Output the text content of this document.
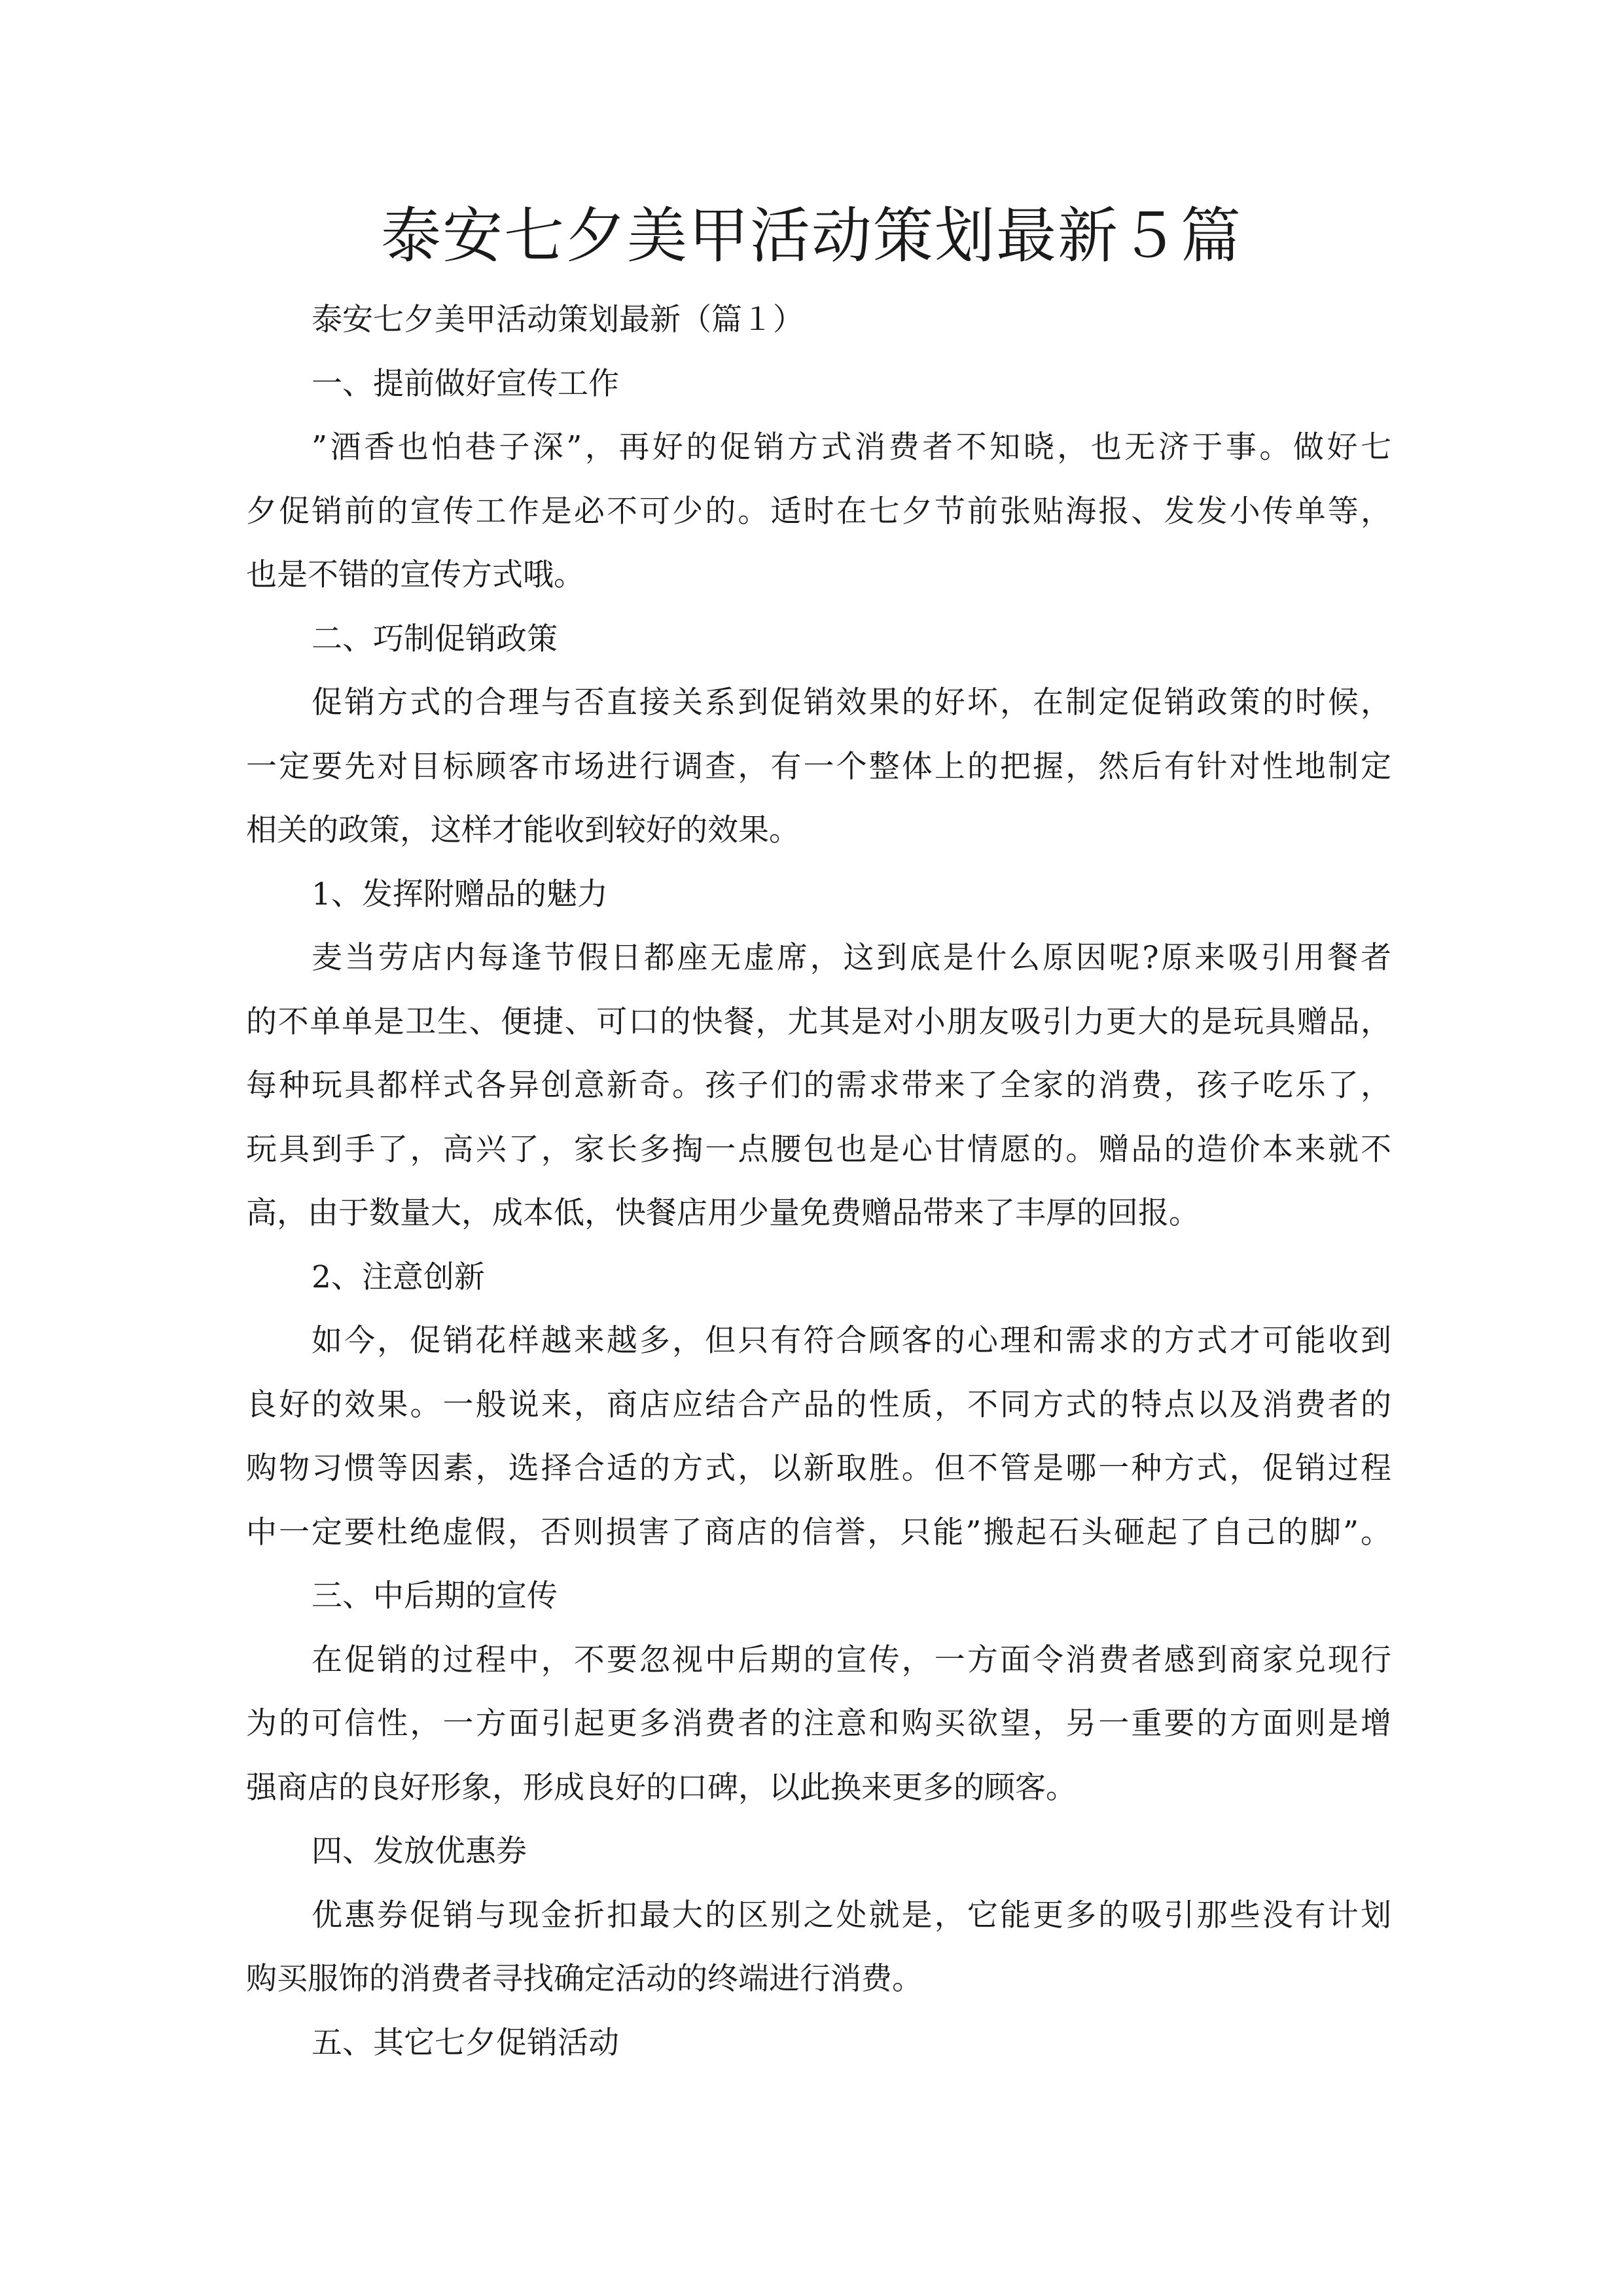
泰安七夕美甲活动策划最新５篇
泰安七夕美甲活动策划最新（篇１）
一、提前做好宣传工作
”酒香也怕巷子深”，再好的促销方式消费者不知晓，也无济于事。做好七
夕促销前的宣传工作是必不可少的。适时在七夕节前张贴海报、发发小传单等，
也是不错的宣传方式哦。
二、巧制促销政策
促销方式的合理与否直接关系到促销效果的好坏，在制定促销政策的时候，
一定要先对目标顾客市场进行调查，有一个整体上的把握，然后有针对性地制定
相关的政策，这样才能收到较好的效果。
1、发挥附赠品的魅力
麦当劳店内每逢节假日都座无虚席，这到底是什么原因呢?原来吸引用餐者
的不单单是卫生、便捷、可口的快餐，尤其是对小朋友吸引力更大的是玩具赠品，
每种玩具都样式各异创意新奇。孩子们的需求带来了全家的消费，孩子吃乐了，
玩具到手了，高兴了，家长多掏一点腰包也是心甘情愿的。赠品的造价本来就不
高，由于数量大，成本低，快餐店用少量免费赠品带来了丰厚的回报。
2、注意创新
如今，促销花样越来越多，但只有符合顾客的心理和需求的方式才可能收到
良好的效果。一般说来，商店应结合产品的性质，不同方式的特点以及消费者的
购物习惯等因素，选择合适的方式，以新取胜。但不管是哪一种方式，促销过程
中一定要杜绝虚假，否则损害了商店的信誉，只能”搬起石头砸起了自己的脚”。
三、中后期的宣传
在促销的过程中，不要忽视中后期的宣传，一方面令消费者感到商家兑现行
为的可信性，一方面引起更多消费者的注意和购买欲望，另一重要的方面则是增
强商店的良好形象，形成良好的口碑，以此换来更多的顾客。
四、发放优惠券
优惠券促销与现金折扣最大的区别之处就是，它能更多的吸引那些没有计划
购买服饰的消费者寻找确定活动的终端进行消费。
五、其它七夕促销活动
